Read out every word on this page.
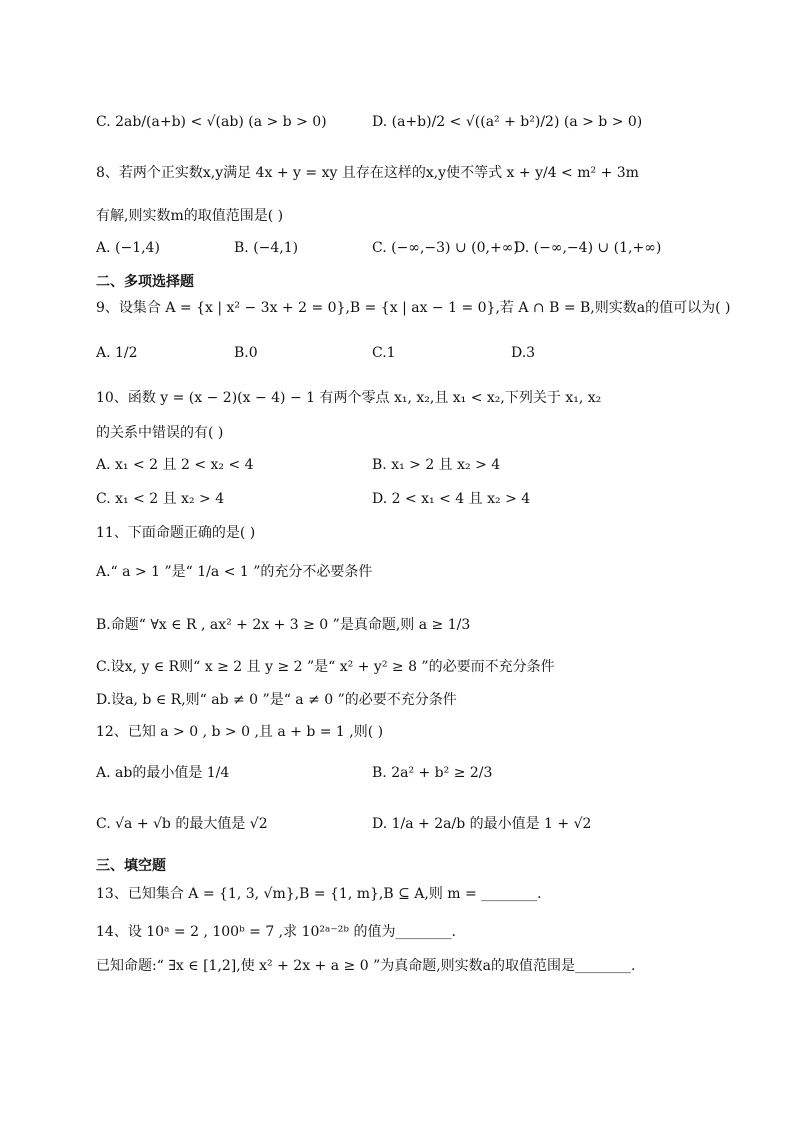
C. 2ab/(a+b) < √(ab) (a > b > 0)	D. (a+b)/2 < √((a² + b²)/2) (a > b > 0)
8、若两个正实数x,y满足 4x + y = xy 且存在这样的x,y使不等式 x + y/4 < m² + 3m
有解,则实数m的取值范围是( )
A. (−1,4)	B. (−4,1)	C. (−∞,−3) ∪ (0,+∞)
D. (−∞,−4) ∪ (1,+∞)
二、多项选择题
9、设集合 A = {x | x² − 3x + 2 = 0},B = {x | ax − 1 = 0},若 A ∩ B = B,则实数a的值可以为( )
A. 1/2	B.0	C.1	D.3
10、函数 y = (x − 2)(x − 4) − 1 有两个零点 x₁, x₂,且 x₁ < x₂,下列关于 x₁, x₂
的关系中错误的有( )
A. x₁ < 2 且 2 < x₂ < 4	B. x₁ > 2 且 x₂ > 4
C. x₁ < 2 且 x₂ > 4	D. 2 < x₁ < 4 且 x₂ > 4
11、下面命题正确的是( )
A.“ a > 1 ”是“ 1/a < 1 ”的充分不必要条件
B.命题“ ∀x ∈ R , ax² + 2x + 3 ≥ 0 ”是真命题,则 a ≥ 1/3
C.设x, y ∈ R则“ x ≥ 2 且 y ≥ 2 ”是“ x² + y² ≥ 8 ”的必要而不充分条件
D.设a, b ∈ R,则“ ab ≠ 0 ”是“ a ≠ 0 ”的必要不充分条件
12、已知 a > 0 , b > 0 ,且 a + b = 1 ,则( )
A. ab的最小值是 1/4	B. 2a² + b² ≥ 2/3
C. √a + √b 的最大值是 √2	D. 1/a + 2a/b 的最小值是 1 + √2
三、填空题
13、已知集合 A = {1, 3, √m},B = {1, m},B ⊆ A,则 m = ________.
14、设 10ᵃ = 2 , 100ᵇ = 7 ,求 10²ᵃ⁻²ᵇ 的值为________.
已知命题:“ ∃x ∈ [1,2],使 x² + 2x + a ≥ 0 ”为真命题,则实数a的取值范围是________.
